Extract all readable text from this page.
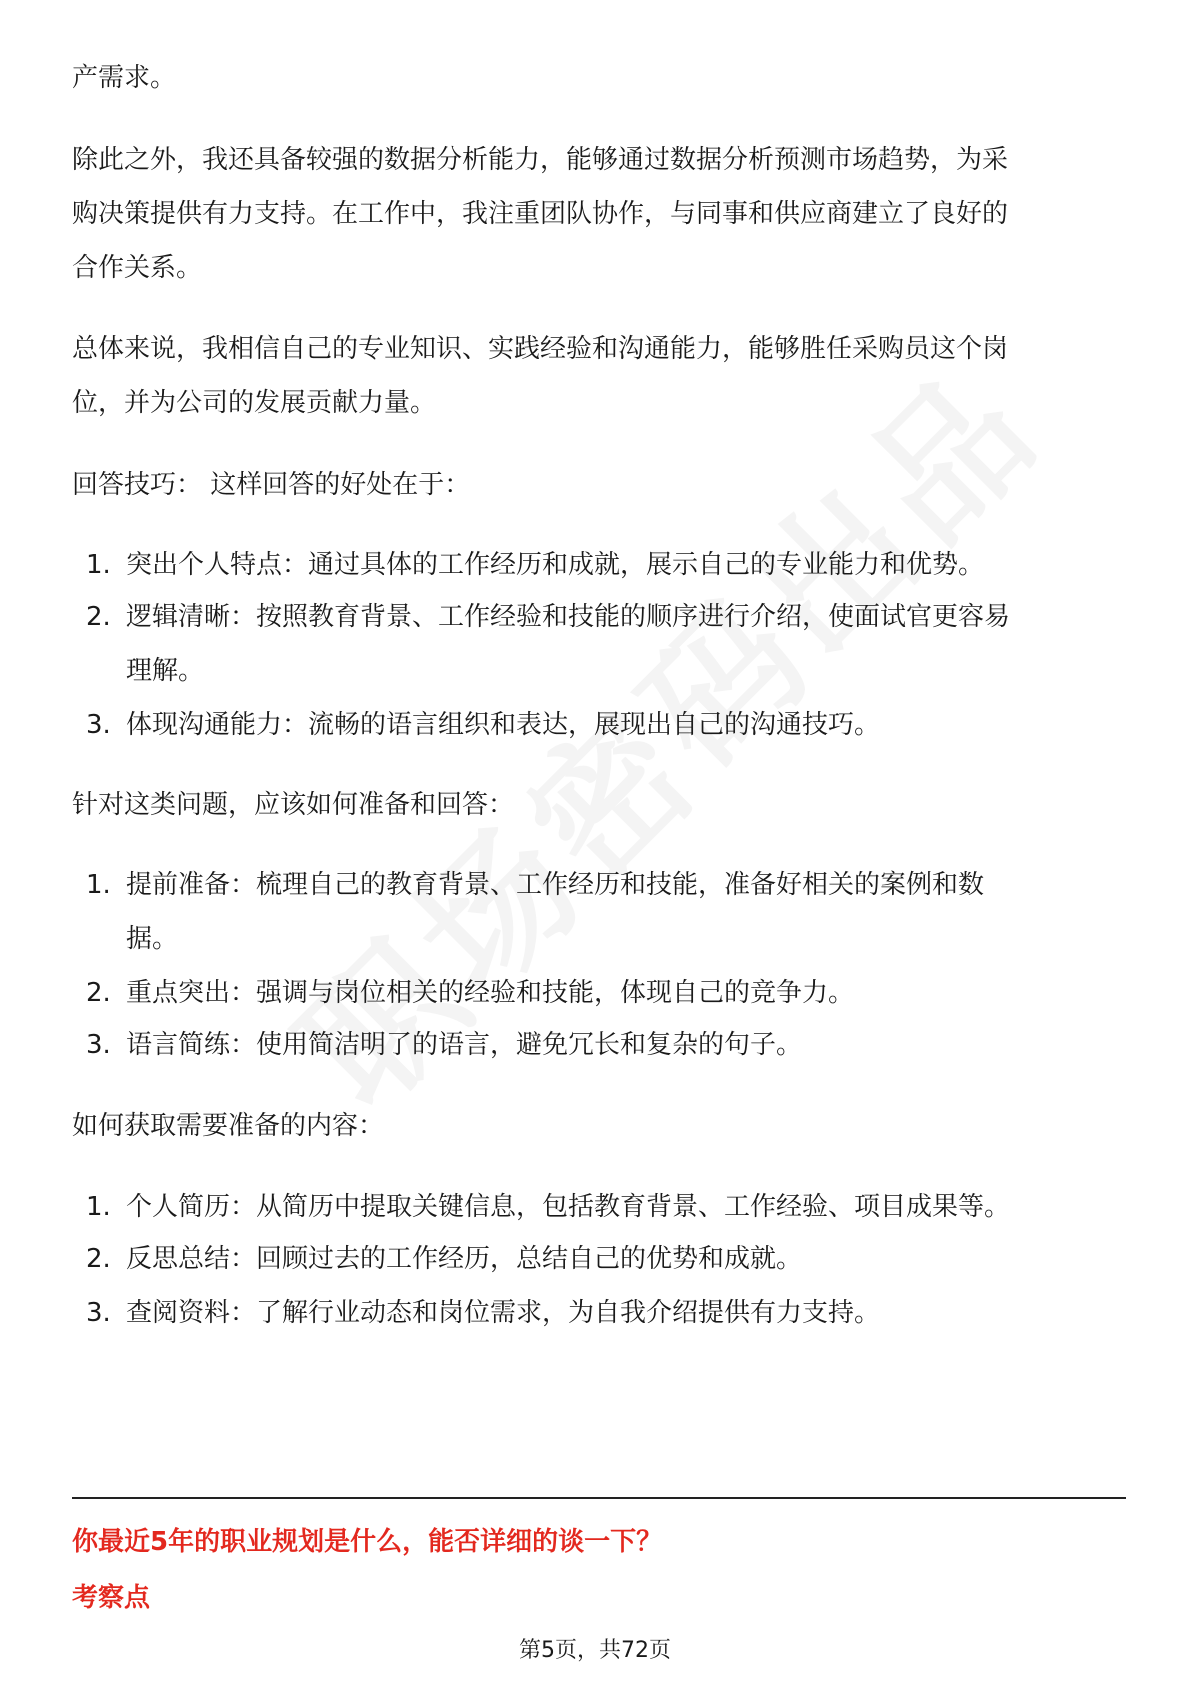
产需求。

除此之外，我还具备较强的数据分析能力，能够通过数据分析预测市场趋势，为采

购决策提供有力支持。在工作中，我注重团队协作，与同事和供应商建立了良好的

合作关系。

总体来说，我相信自己的专业知识、实践经验和沟通能力，能够胜任采购员这个岗

位，并为公司的发展贡献力量。

回答技巧： 这样回答的好处在于：

1. 突出个人特点：通过具体的工作经历和成就，展示自己的专业能力和优势。
2. 逻辑清晰：按照教育背景、工作经验和技能的顺序进行介绍，使面试官更容易
理解。
3. 体现沟通能力：流畅的语言组织和表达，展现出自己的沟通技巧。

针对这类问题，应该如何准备和回答：

1. 提前准备：梳理自己的教育背景、工作经历和技能，准备好相关的案例和数
据。
2. 重点突出：强调与岗位相关的经验和技能，体现自己的竞争力。
3. 语言简练：使用简洁明了的语言，避免冗长和复杂的句子。

如何获取需要准备的内容：

1. 个人简历：从简历中提取关键信息，包括教育背景、工作经验、项目成果等。
2. 反思总结：回顾过去的工作经历，总结自己的优势和成就。
3. 查阅资料：了解行业动态和岗位需求，为自我介绍提供有力支持。
你最近5年的职业规划是什么，能否详细的谈一下？
考察点
第5页，共72页
